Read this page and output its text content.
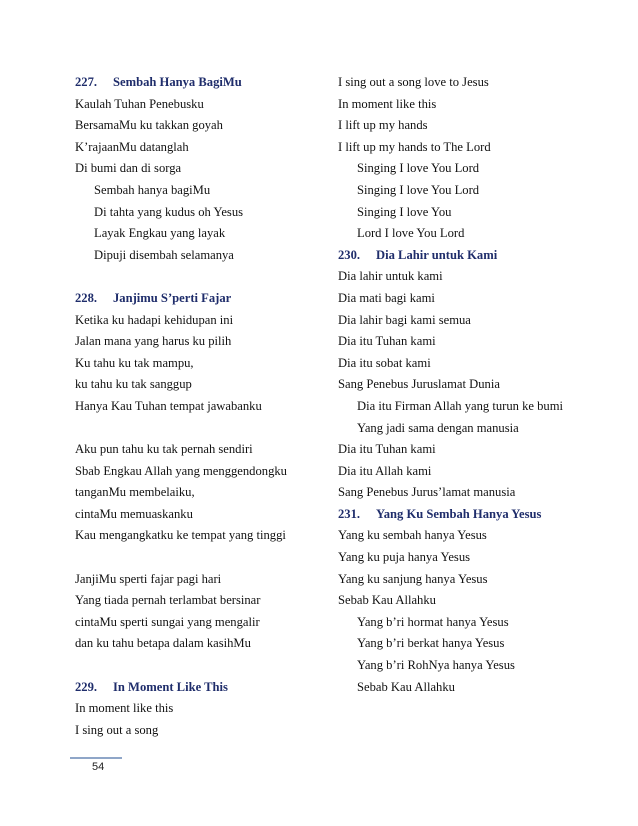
227. Sembah Hanya BagiMu
Kaulah Tuhan Penebusku
BersamaMu ku takkan goyah
K’rajaanMu datanglah
Di bumi dan di sorga
Sembah hanya bagiMu
Di tahta yang kudus oh Yesus
Layak Engkau yang layak
Dipuji disembah selamanya
228. Janjimu S’perti Fajar
Ketika ku hadapi kehidupan ini
Jalan mana yang harus ku pilih
Ku tahu ku tak mampu,
ku tahu ku tak sanggup
Hanya Kau Tuhan tempat jawabanku
Aku pun tahu ku tak pernah sendiri
Sbab Engkau Allah yang menggendongku
tanganMu membelaiku,
cintaMu memuaskanku
Kau mengangkatku ke tempat yang tinggi
JanjiMu sperti fajar pagi hari
Yang tiada pernah terlambat bersinar
cintaMu sperti sungai yang mengalir
dan ku tahu betapa dalam kasihMu
229. In Moment Like This
In moment like this
I sing out a song
I sing out a song love to Jesus
In moment like this
I lift up my hands
I lift up my hands to The Lord
Singing I love You Lord
Singing I love You Lord
Singing I love You
Lord I love You Lord
230. Dia Lahir untuk Kami
Dia lahir untuk kami
Dia mati bagi kami
Dia lahir bagi kami semua
Dia itu Tuhan kami
Dia itu sobat kami
Sang Penebus Juruslamat Dunia
Dia itu Firman Allah yang turun ke bumi
Yang jadi sama dengan manusia
Dia itu Tuhan kami
Dia itu Allah kami
Sang Penebus Jurus’lamat manusia
231. Yang Ku Sembah Hanya Yesus
Yang ku sembah hanya Yesus
Yang ku puja hanya Yesus
Yang ku sanjung hanya Yesus
Sebab Kau Allahku
Yang b’ri hormat hanya Yesus
Yang b’ri berkat hanya Yesus
Yang b’ri RohNya hanya Yesus
Sebab Kau Allahku
54
